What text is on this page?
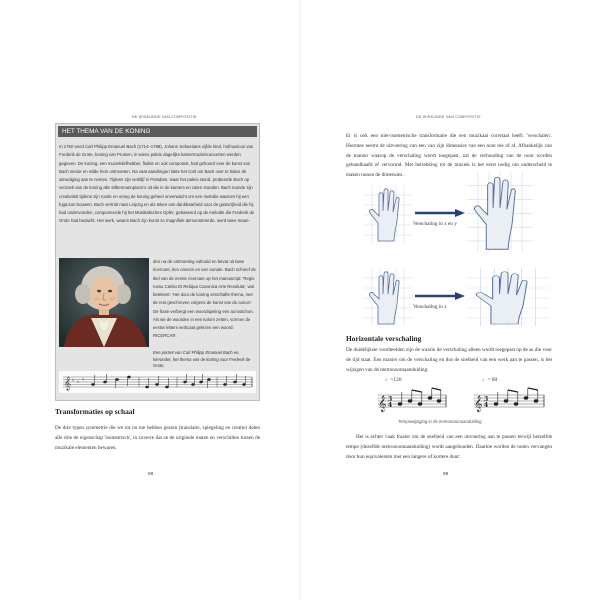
DE WISKUNDE VAN COMPOSITIE
HET THEMA VAN DE KONING

In 1760 werd Carl Philipp Emanuel Bach (1714–1788), Johann Sebastians vijfde kind, hofmusicus van Frederik de Grote, koning van Pruisen, in wiens paleis dagelijks kamermuziekconcerten werden gegeven. De koning, een muziekliefhebber, fluitist en ook componist, had gehoord over de kunst van Bach senior en wilde hem ontmoeten. Na vaat aandringen lukte het Carl om Bach over te halen de uitnodiging aan te nemen. Tijdens zijn verblijf in Potsdam, waar het paleis stond, probeerde Bach op verzoek van de koning alle Silbermannpiano's uit die in de kamers en zalen stonden. Bach toonde zijn creativiteit tijdens zijn ronde en vroeg de koning geheel onverwacht om een melodie waarom hij een fuga kon bouwen. Bach vertrok naar Leipzig en als teken van dankbaarheid voor de gastvrijheid die hij had ondervonden, componeerde hij het Musikalisches Opfer, gebaseerd op de melodie die Frederik de Grote had bedacht. Het werk, waarin Bach zijn kunst zo magnifiek demonstreerde, werd twee maan-

den na de ontmoeting voltooid en bevat uit twee ricercare, tien canons en een sonate. Bach schreef de titel van de eerste ricercare op het manuscript: 'Regis Iussu Cantio Et Reliqua Canonica Arte Resoluta', wat betekent: 'Het door de koning verschafte thema, met de rest geschreven volgens de kunst van de canon'. De frase verbergt een woordspeling een acrostichon. Als we de woorden in een kolom zetten, vormen de eerste letters verticaal gelezen een woord: RICERCAR.

Een portret van Carl Philipp Emanuel Bach en, hieronder, het thema van de koning voor Frederik de Grote.

𝄞 ♭ ♭ ♭
Transformaties op schaal

De drie typen symmetrie die we tot nu toe hebben gezien (translatie, spiegeling en rotatie) delen alle drie de eigenschap 'isometrisch', in zoverre dat ze de originele maten en verschillen tussen de muzikale elementen bewaren.

88
DE WISKUNDE VAN COMPOSITIE

Er is ook een niet-isometrische transformatie die een muzikaal correlaat heeft: 'verschalen'. Hiermee neemt de uitvoering van een van zijn dimensies van een noot toe of af. Afhankelijk van de manier waarop de verschaling wordt toegepast, zal de verhouding van de noot worden gehandhaafd of vervormd. Met betrekking tot de muziek is het eerst nodig om onderscheid te maken tussen de dimensies.

Verschaling in x en y
Verschaling in x
Horizontale verschaling

De duidelijkste voorbeelden zijn de waarin de verschaling alleen wordt toegepast op de as die voor de tijd staat. Een manier om de verschaling en dus de snelheid van een werk aan te passen, is het wijzigen van de metronoomaanduiding:

♩=120	♩= 60
𝄞 3
4	𝄞 3
4
Tempowijziging in de metronoomaanduiding

Het is echter vaak fraaier om de snelheid van een uitvoering aan te passen terwijl hetzelfde tempo (dezelfde metronoomaanduiding) wordt aangehouden. Daartoe worden de noten vervangen door hun equivalenten met een langere of kortere duur:

89
